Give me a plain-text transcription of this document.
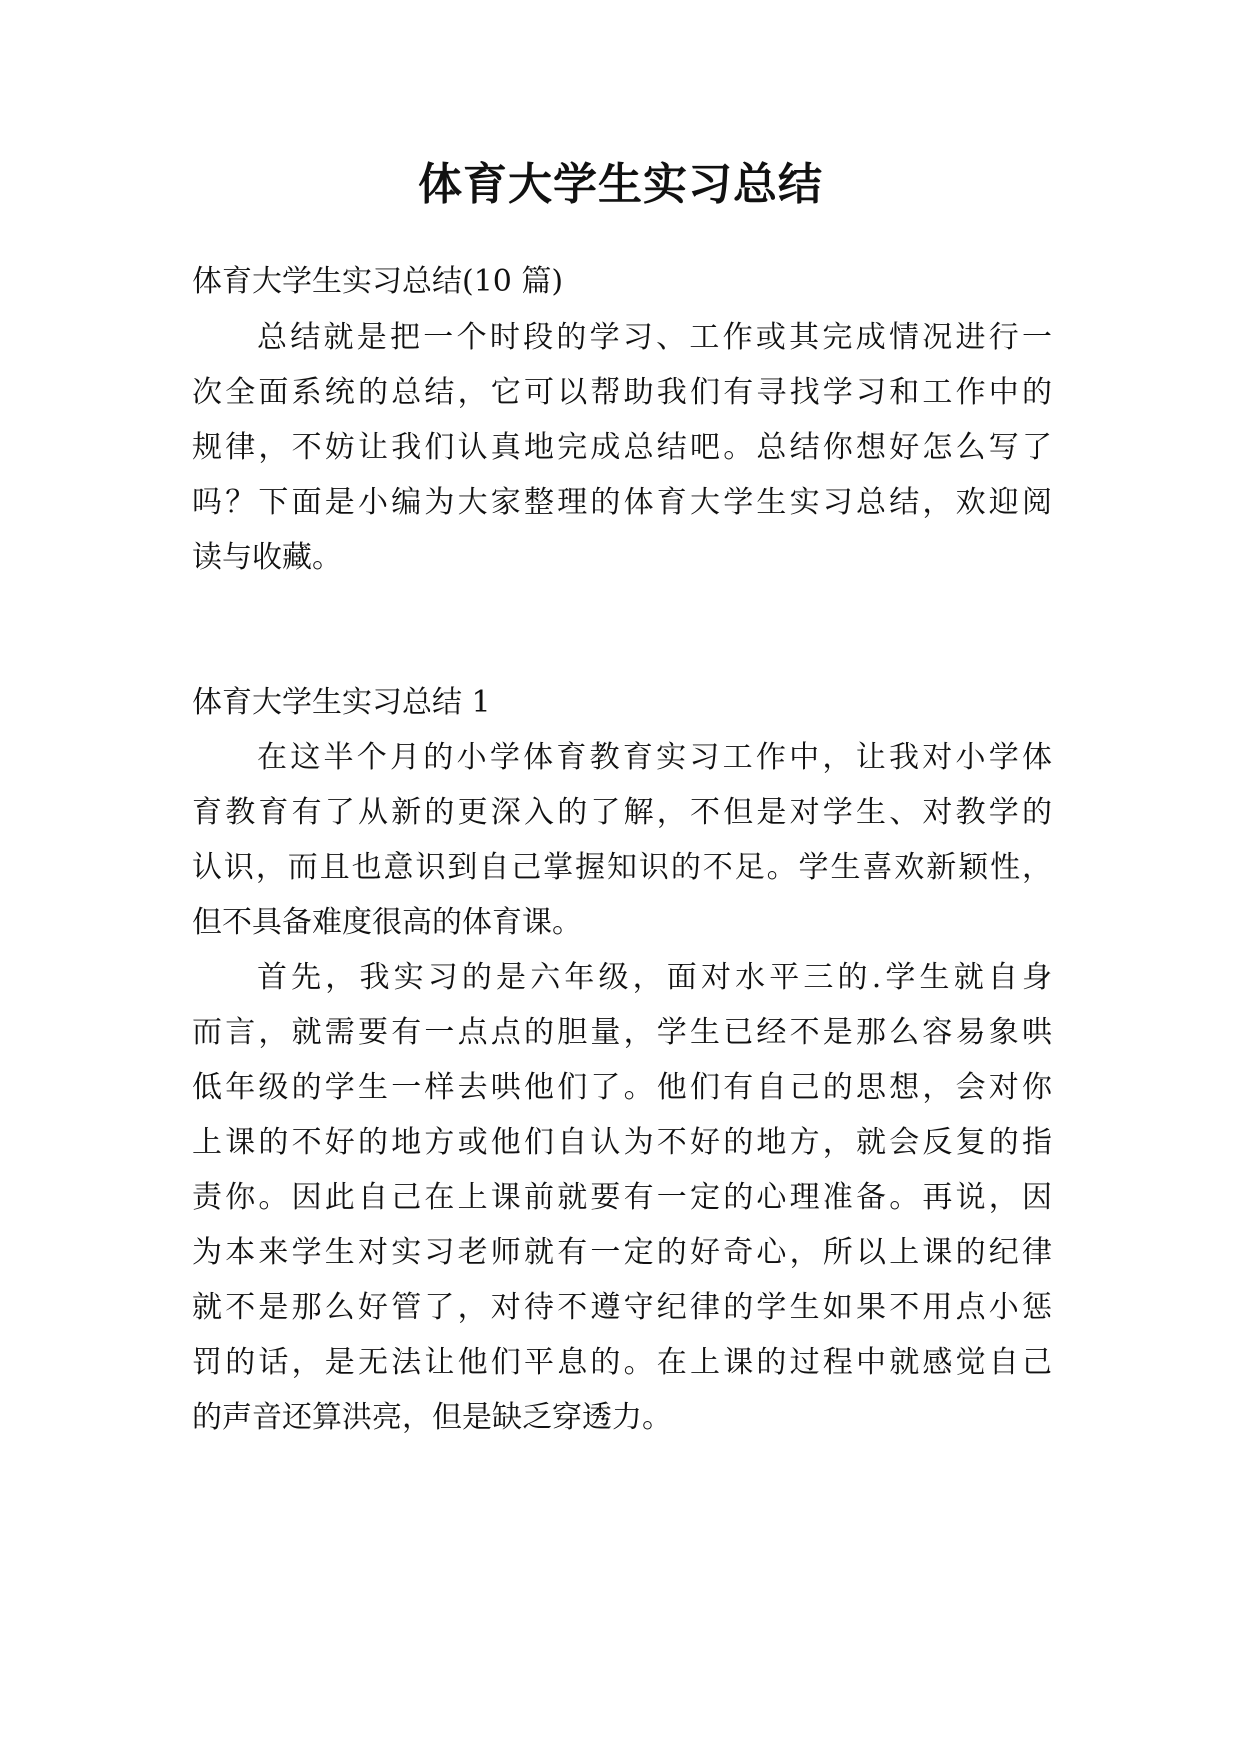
体育大学生实习总结

体育大学生实习总结(10 篇)

总结就是把一个时段的学习、工作或其完成情况进行一

次全面系统的总结，它可以帮助我们有寻找学习和工作中的

规律，不妨让我们认真地完成总结吧。总结你想好怎么写了

吗？下面是小编为大家整理的体育大学生实习总结，欢迎阅

读与收藏。

体育大学生实习总结 1

在这半个月的小学体育教育实习工作中，让我对小学体

育教育有了从新的更深入的了解，不但是对学生、对教学的

认识，而且也意识到自己掌握知识的不足。学生喜欢新颖性，

但不具备难度很高的体育课。

首先，我实习的是六年级，面对水平三的.学生就自身

而言，就需要有一点点的胆量，学生已经不是那么容易象哄

低年级的学生一样去哄他们了。他们有自己的思想，会对你

上课的不好的地方或他们自认为不好的地方，就会反复的指

责你。因此自己在上课前就要有一定的心理准备。再说，因

为本来学生对实习老师就有一定的好奇心，所以上课的纪律

就不是那么好管了，对待不遵守纪律的学生如果不用点小惩

罚的话，是无法让他们平息的。在上课的过程中就感觉自己

的声音还算洪亮，但是缺乏穿透力。
